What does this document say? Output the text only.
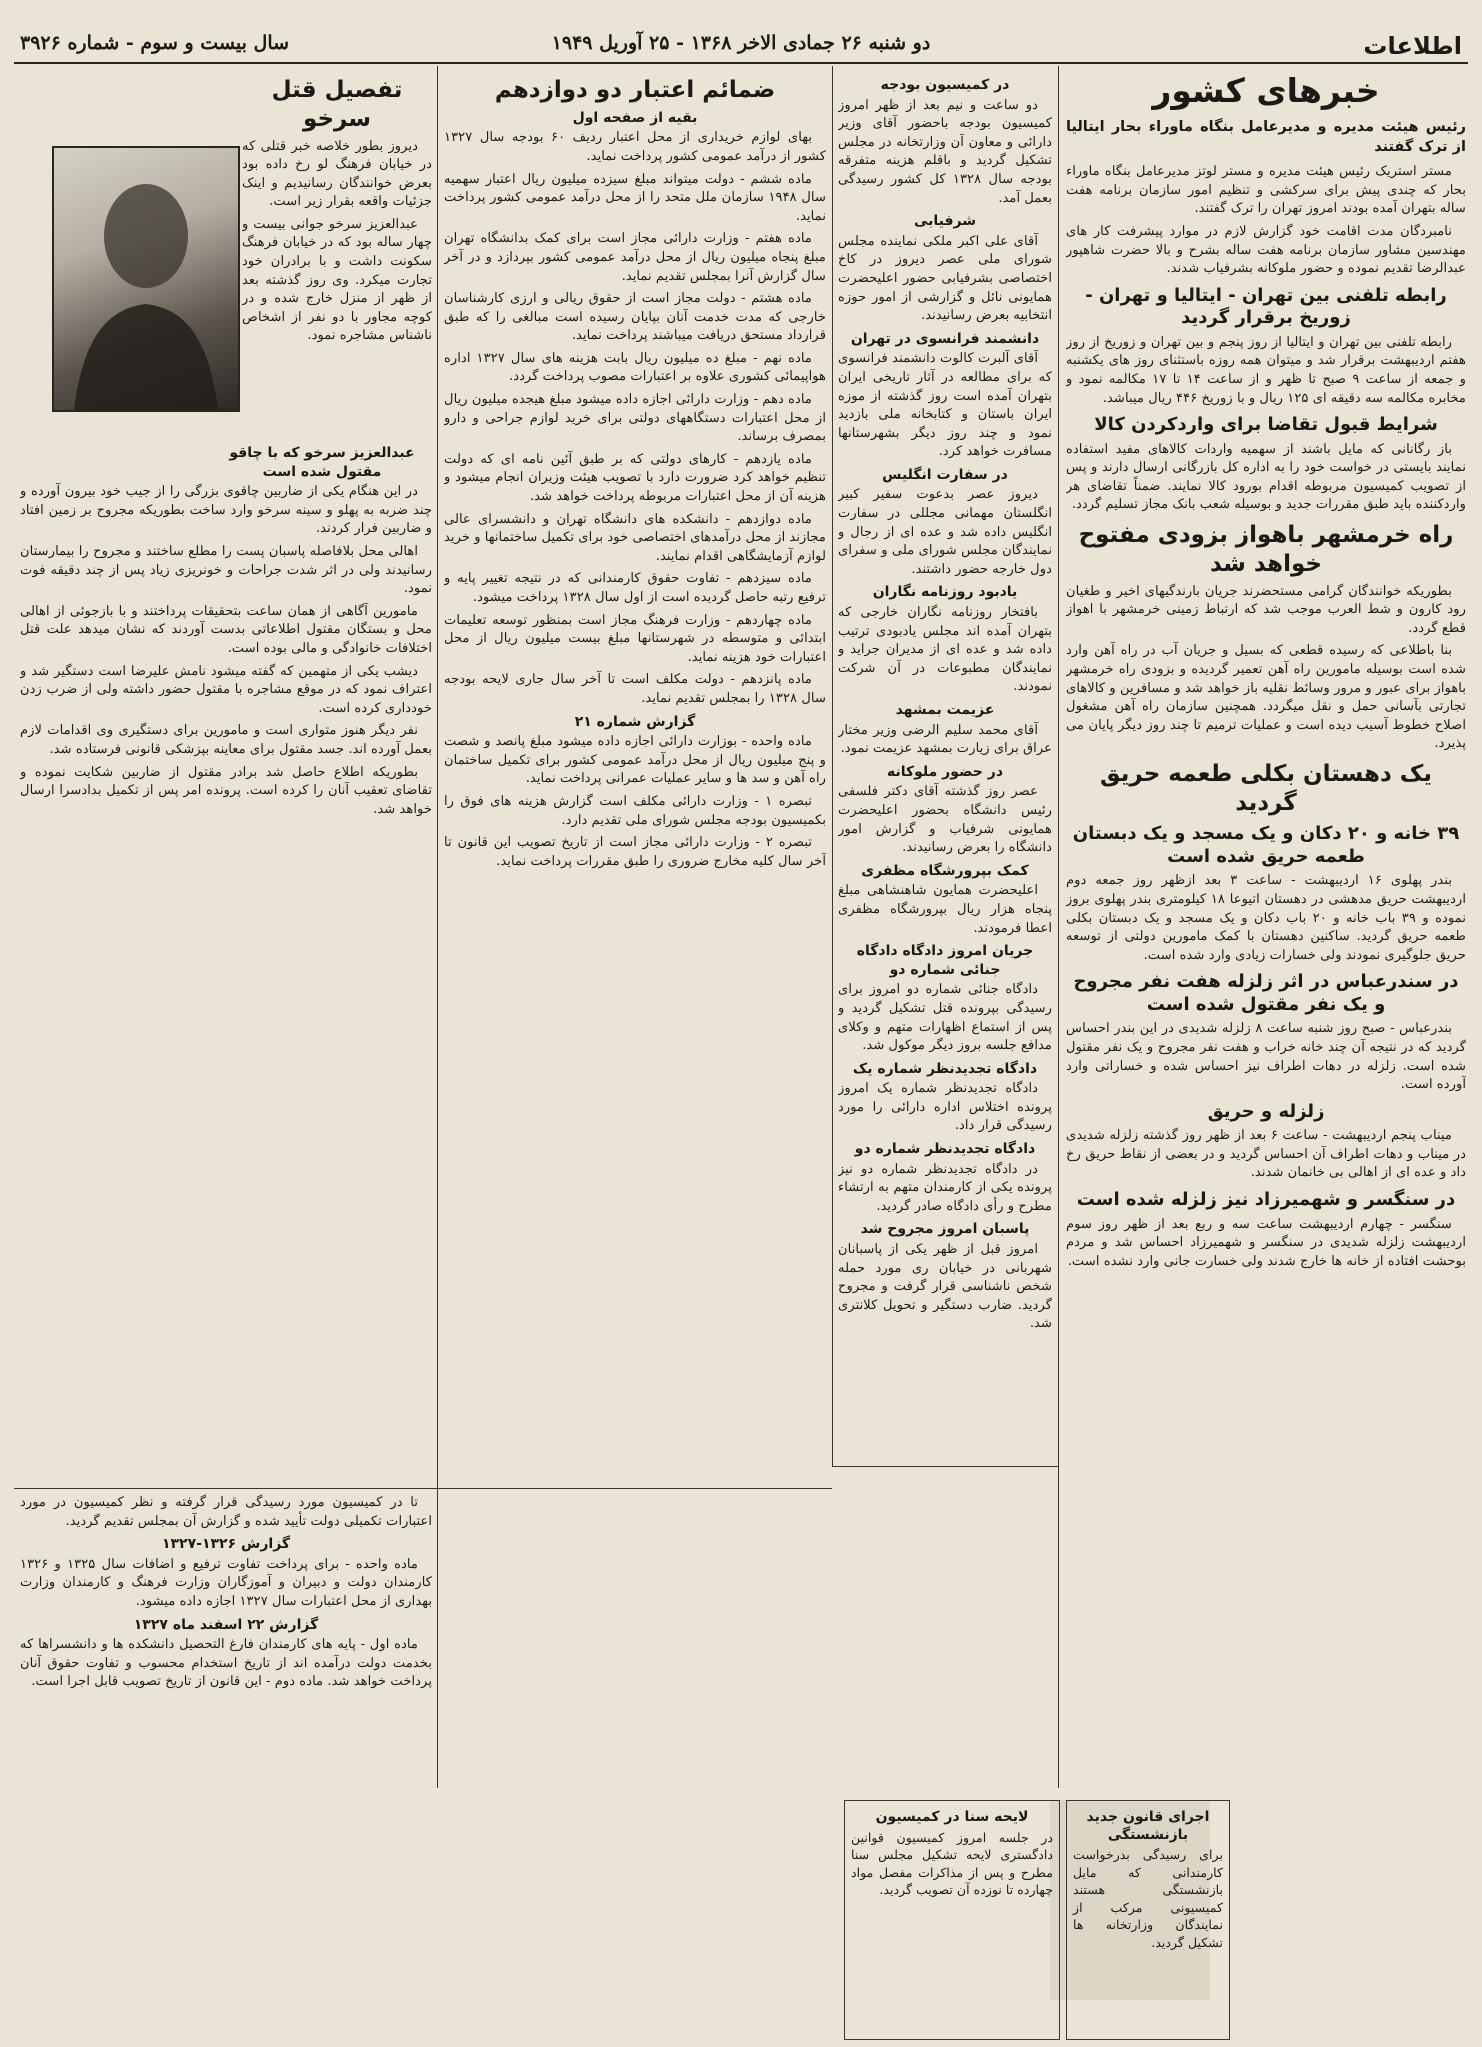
اطلاعات
دو شنبه ۲۶ جمادی الاخر ۱۳۶۸ - ۲۵ آوریل ۱۹۴۹
سال بیست و سوم - شماره ۳۹۲۶
خبرهای کشور
رئیس هیئت مدیره و مدیرعامل بنگاه ماوراء بحار ایتالیا از ترک گفتند

مستر استریک رئیس هیئت مدیره و مستر لوتز مدیرعامل بنگاه ماوراء بحار که چندی پیش برای سرکشی و تنظیم امور سازمان برنامه هفت ساله بتهران آمده بودند امروز تهران را ترک گفتند.

نامبردگان مدت اقامت خود گزارش لازم در موارد پیشرفت کار های مهندسین مشاور سازمان برنامه هفت ساله بشرح و بالا حضرت شاهپور عبدالرضا تقدیم نموده و حضور ملوکانه بشرفیاب شدند.

رابطه تلفنی بین تهران - ایتالیا و تهران - زوریخ برقرار گردید

رابطه تلفنی بین تهران و ایتالیا از روز پنجم و بین تهران و زوریخ از روز هفتم اردیبهشت برقرار شد و میتوان همه روزه باستثنای روز های یکشنبه و جمعه از ساعت ۹ صبح تا ظهر و از ساعت ۱۴ تا ۱۷ مکالمه نمود و مخابره مکالمه سه دقیقه ای ۱۲۵ ریال و با زوریخ ۴۴۶ ریال میباشد.

شرایط قبول تقاضا برای واردکردن کالا

باز رگانانی که مایل باشند از سهمیه واردات کالاهای مفید استفاده نمایند بایستی در خواست خود را به اداره کل بازرگانی ارسال دارند و پس از تصویب کمیسیون مربوطه اقدام بورود کالا نمایند. ضمناً تقاضای هر واردکننده باید طبق مقررات جدید و بوسیله شعب بانک مجاز تسلیم گردد.

راه خرمشهر باهواز بزودی مفتوح خواهد شد

بطوریکه خوانندگان گرامی مستحضرند جریان بارندگیهای اخیر و طغیان رود کارون و شط العرب موجب شد که ارتباط زمینی خرمشهر با اهواز قطع گردد.

بنا باطلاعی که رسیده قطعی که بسیل و جریان آب در راه آهن وارد شده است بوسیله مامورین راه آهن تعمیر گردیده و بزودی راه خرمشهر باهواز برای عبور و مرور وسائط نقلیه باز خواهد شد و مسافرین و کالاهای تجارتی بآسانی حمل و نقل میگردد. همچنین سازمان راه آهن مشغول اصلاح خطوط آسیب دیده است و عملیات ترمیم تا چند روز دیگر پایان می پذیرد.

یک دهستان بکلی طعمه حریق گردید
۳۹ خانه و ۲۰ دکان و یک مسجد و یک دبستان طعمه حریق شده است

بندر پهلوی ۱۶ اردیبهشت - ساعت ۳ بعد ازظهر روز جمعه دوم اردیبهشت حریق مدهشی در دهستان اتیوعا ۱۸ کیلومتری بندر پهلوی بروز نموده و ۳۹ باب خانه و ۲۰ باب دکان و یک مسجد و یک دبستان بکلی طعمه حریق گردید. ساکنین دهستان با کمک مامورین دولتی از توسعه حریق جلوگیری نمودند ولی خسارات زیادی وارد شده است.

در سندرعباس در اثر زلزله هفت نفر مجروح و یک نفر مقتول شده است

بندرعباس - صبح روز شنبه ساعت ۸ زلزله شدیدی در این بندر احساس گردید که در نتیجه آن چند خانه خراب و هفت نفر مجروح و یک نفر مقتول شده است. زلزله در دهات اطراف نیز احساس شده و خساراتی وارد آورده است.

زلزله و حریق

میناب پنجم اردیبهشت - ساعت ۶ بعد از ظهر روز گذشته زلزله شدیدی در میناب و دهات اطراف آن احساس گردید و در بعضی از نقاط حریق رخ داد و عده ای از اهالی بی خانمان شدند.

در سنگسر و شهمیرزاد نیز زلزله شده است

سنگسر - چهارم اردیبهشت ساعت سه و ربع بعد از ظهر روز سوم اردیبهشت زلزله شدیدی در سنگسر و شهمیرزاد احساس شد و مردم بوحشت افتاده از خانه ها خارج شدند ولی خسارت جانی وارد نشده است.

در کمیسیون بودجه

دو ساعت و نیم بعد از ظهر امروز کمیسیون بودجه باحضور آقای وزیر دارائی و معاون آن وزارتخانه در مجلس تشکیل گردید و باقلم هزینه متفرقه بودجه سال ۱۳۲۸ کل کشور رسیدگی بعمل آمد.

شرفیابی

آقای علی اکبر ملکی نماینده مجلس شورای ملی عصر دیروز در کاخ اختصاصی بشرفیابی حضور اعلیحضرت همایونی نائل و گزارشی از امور حوزه انتخابیه بعرض رسانیدند.

دانشمند فرانسوی در تهران

آقای آلبرت کالوت دانشمند فرانسوی که برای مطالعه در آثار تاریخی ایران بتهران آمده است روز گذشته از موزه ایران باستان و کتابخانه ملی بازدید نمود و چند روز دیگر بشهرستانها مسافرت خواهد کرد.

در سفارت انگلیس

دیروز عصر بدعوت سفیر کبیر انگلستان مهمانی مجللی در سفارت انگلیس داده شد و عده ای از رجال و نمایندگان مجلس شورای ملی و سفرای دول خارجه حضور داشتند.

یادبود روزنامه نگاران

بافتخار روزنامه نگاران خارجی که بتهران آمده اند مجلس یادبودی ترتیب داده شد و عده ای از مدیران جراید و نمایندگان مطبوعات در آن شرکت نمودند.

عزیمت بمشهد

آقای محمد سلیم الرضی وزیر مختار عراق برای زیارت بمشهد عزیمت نمود.

در حضور ملوکانه

عصر روز گذشته آقای دکتر فلسفی رئیس دانشگاه بحضور اعلیحضرت همایونی شرفیاب و گزارش امور دانشگاه را بعرض رسانیدند.

کمک بپرورشگاه مظفری

اعلیحضرت همایون شاهنشاهی مبلغ پنجاه هزار ریال بپرورشگاه مظفری اعطا فرمودند.

جریان امروز دادگاه دادگاه جنائی شماره دو

دادگاه جنائی شماره دو امروز برای رسیدگی بپرونده قتل تشکیل گردید و پس از استماع اظهارات متهم و وکلای مدافع جلسه بروز دیگر موکول شد.

دادگاه تجدیدنظر شماره یک

دادگاه تجدیدنظر شماره یک امروز پرونده اختلاس اداره دارائی را مورد رسیدگی قرار داد.

دادگاه تجدیدنظر شماره دو

در دادگاه تجدیدنظر شماره دو نیز پرونده یکی از کارمندان متهم به ارتشاء مطرح و رأی دادگاه صادر گردید.

پاسبان امروز مجروح شد

امروز قبل از ظهر یکی از پاسبانان شهربانی در خیابان ری مورد حمله شخص ناشناسی قرار گرفت و مجروح گردید. ضارب دستگیر و تحویل کلانتری شد.

ضمائم اعتبار دو دوازدهم
بقیه از صفحه اول

بهای لوازم خریداری از محل اعتبار ردیف ۶۰ بودجه سال ۱۳۲۷ کشور از درآمد عمومی کشور پرداخت نماید.

ماده ششم - دولت میتواند مبلغ سیزده میلیون ریال اعتبار سهمیه سال ۱۹۴۸ سازمان ملل متحد را از محل درآمد عمومی کشور پرداخت نماید.

ماده هفتم - وزارت دارائی مجاز است برای کمک بدانشگاه تهران مبلغ پنجاه میلیون ریال از محل درآمد عمومی کشور بپردازد و در آخر سال گزارش آنرا بمجلس تقدیم نماید.

ماده هشتم - دولت مجاز است از حقوق ریالی و ارزی کارشناسان خارجی که مدت خدمت آنان بپایان رسیده است مبالغی را که طبق قرارداد مستحق دریافت میباشند پرداخت نماید.

ماده نهم - مبلغ ده میلیون ریال بابت هزینه های سال ۱۳۲۷ اداره هواپیمائی کشوری علاوه بر اعتبارات مصوب پرداخت گردد.

ماده دهم - وزارت دارائی اجازه داده میشود مبلغ هیجده میلیون ریال از محل اعتبارات دستگاههای دولتی برای خرید لوازم جراحی و دارو بمصرف برساند.

ماده یازدهم - کارهای دولتی که بر طبق آئین نامه ای که دولت تنظیم خواهد کرد ضرورت دارد با تصویب هیئت وزیران انجام میشود و هزینه آن از محل اعتبارات مربوطه پرداخت خواهد شد.

ماده دوازدهم - دانشکده های دانشگاه تهران و دانشسرای عالی مجازند از محل درآمدهای اختصاصی خود برای تکمیل ساختمانها و خرید لوازم آزمایشگاهی اقدام نمایند.

ماده سیزدهم - تفاوت حقوق کارمندانی که در نتیجه تغییر پایه و ترفیع رتبه حاصل گردیده است از اول سال ۱۳۲۸ پرداخت میشود.

ماده چهاردهم - وزارت فرهنگ مجاز است بمنظور توسعه تعلیمات ابتدائی و متوسطه در شهرستانها مبلغ بیست میلیون ریال از محل اعتبارات خود هزینه نماید.

ماده پانزدهم - دولت مکلف است تا آخر سال جاری لایحه بودجه سال ۱۳۲۸ را بمجلس تقدیم نماید.

گزارش شماره ۲۱

ماده واحده - بوزارت دارائی اجازه داده میشود مبلغ پانصد و شصت و پنج میلیون ریال از محل درآمد عمومی کشور برای تکمیل ساختمان راه آهن و سد ها و سایر عملیات عمرانی پرداخت نماید.

تبصره ۱ - وزارت دارائی مکلف است گزارش هزینه های فوق را بکمیسیون بودجه مجلس شورای ملی تقدیم دارد.

تبصره ۲ - وزارت دارائی مجاز است از تاریخ تصویب این قانون تا آخر سال کلیه مخارج ضروری را طبق مقررات پرداخت نماید.

تفصیل قتل سرخو

دیروز بطور خلاصه خبر قتلی که در خیابان فرهنگ لو رخ داده بود بعرض خوانندگان رسانیدیم و اینک جزئیات واقعه بقرار زیر است.

عبدالعزیز سرخو جوانی بیست و چهار ساله بود که در خیابان فرهنگ سکونت داشت و با برادران خود تجارت میکرد. وی روز گذشته بعد از ظهر از منزل خارج شده و در کوچه مجاور با دو نفر از اشخاص ناشناس مشاجره نمود.

عبدالعزیز سرخو که با چاقو مقتول شده است

در این هنگام یکی از ضاربین چاقوی بزرگی را از جیب خود بیرون آورده و چند ضربه به پهلو و سینه سرخو وارد ساخت بطوریکه مجروح بر زمین افتاد و ضاربین فرار کردند.

اهالی محل بلافاصله پاسبان پست را مطلع ساختند و مجروح را بیمارستان رسانیدند ولی در اثر شدت جراحات و خونریزی زیاد پس از چند دقیقه فوت نمود.

مامورین آگاهی از همان ساعت بتحقیقات پرداختند و با بازجوئی از اهالی محل و بستگان مقتول اطلاعاتی بدست آوردند که نشان میدهد علت قتل اختلافات خانوادگی و مالی بوده است.

دیشب یکی از متهمین که گفته میشود نامش علیرضا است دستگیر شد و اعتراف نمود که در موقع مشاجره با مقتول حضور داشته ولی از ضرب زدن خودداری کرده است.

نفر دیگر هنوز متواری است و مامورین برای دستگیری وی اقدامات لازم بعمل آورده اند. جسد مقتول برای معاینه بپزشکی قانونی فرستاده شد.

بطوریکه اطلاع حاصل شد برادر مقتول از ضاربین شکایت نموده و تقاضای تعقیب آنان را کرده است. پرونده امر پس از تکمیل بدادسرا ارسال خواهد شد.

تا در کمیسیون مورد رسیدگی قرار گرفته و نظر کمیسیون در مورد اعتبارات تکمیلی دولت تأیید شده و گزارش آن بمجلس تقدیم گردید.

گزارش ۱۳۲۶-۱۳۲۷

ماده واحده - برای پرداخت تفاوت ترفیع و اضافات سال ۱۳۲۵ و ۱۳۲۶ کارمندان دولت و دبیران و آموزگاران وزارت فرهنگ و کارمندان وزارت بهداری از محل اعتبارات سال ۱۳۲۷ اجازه داده میشود.

گزارش ۲۲ اسفند ماه ۱۳۲۷

ماده اول - پایه های کارمندان فارغ التحصیل دانشکده ها و دانشسراها که بخدمت دولت درآمده اند از تاریخ استخدام محسوب و تفاوت حقوق آنان پرداخت خواهد شد. ماده دوم - این قانون از تاریخ تصویب قابل اجرا است.

اجرای قانون جدید بازنشستگی
برای رسیدگی بدرخواست کارمندانی که مایل بازنشستگی هستند کمیسیونی مرکب از نمایندگان وزارتخانه ها تشکیل گردید.
لایحه سنا در کمیسیون
در جلسه امروز کمیسیون قوانین دادگستری لایحه تشکیل مجلس سنا مطرح و پس از مذاکرات مفصل مواد چهارده تا نوزده آن تصویب گردید.
